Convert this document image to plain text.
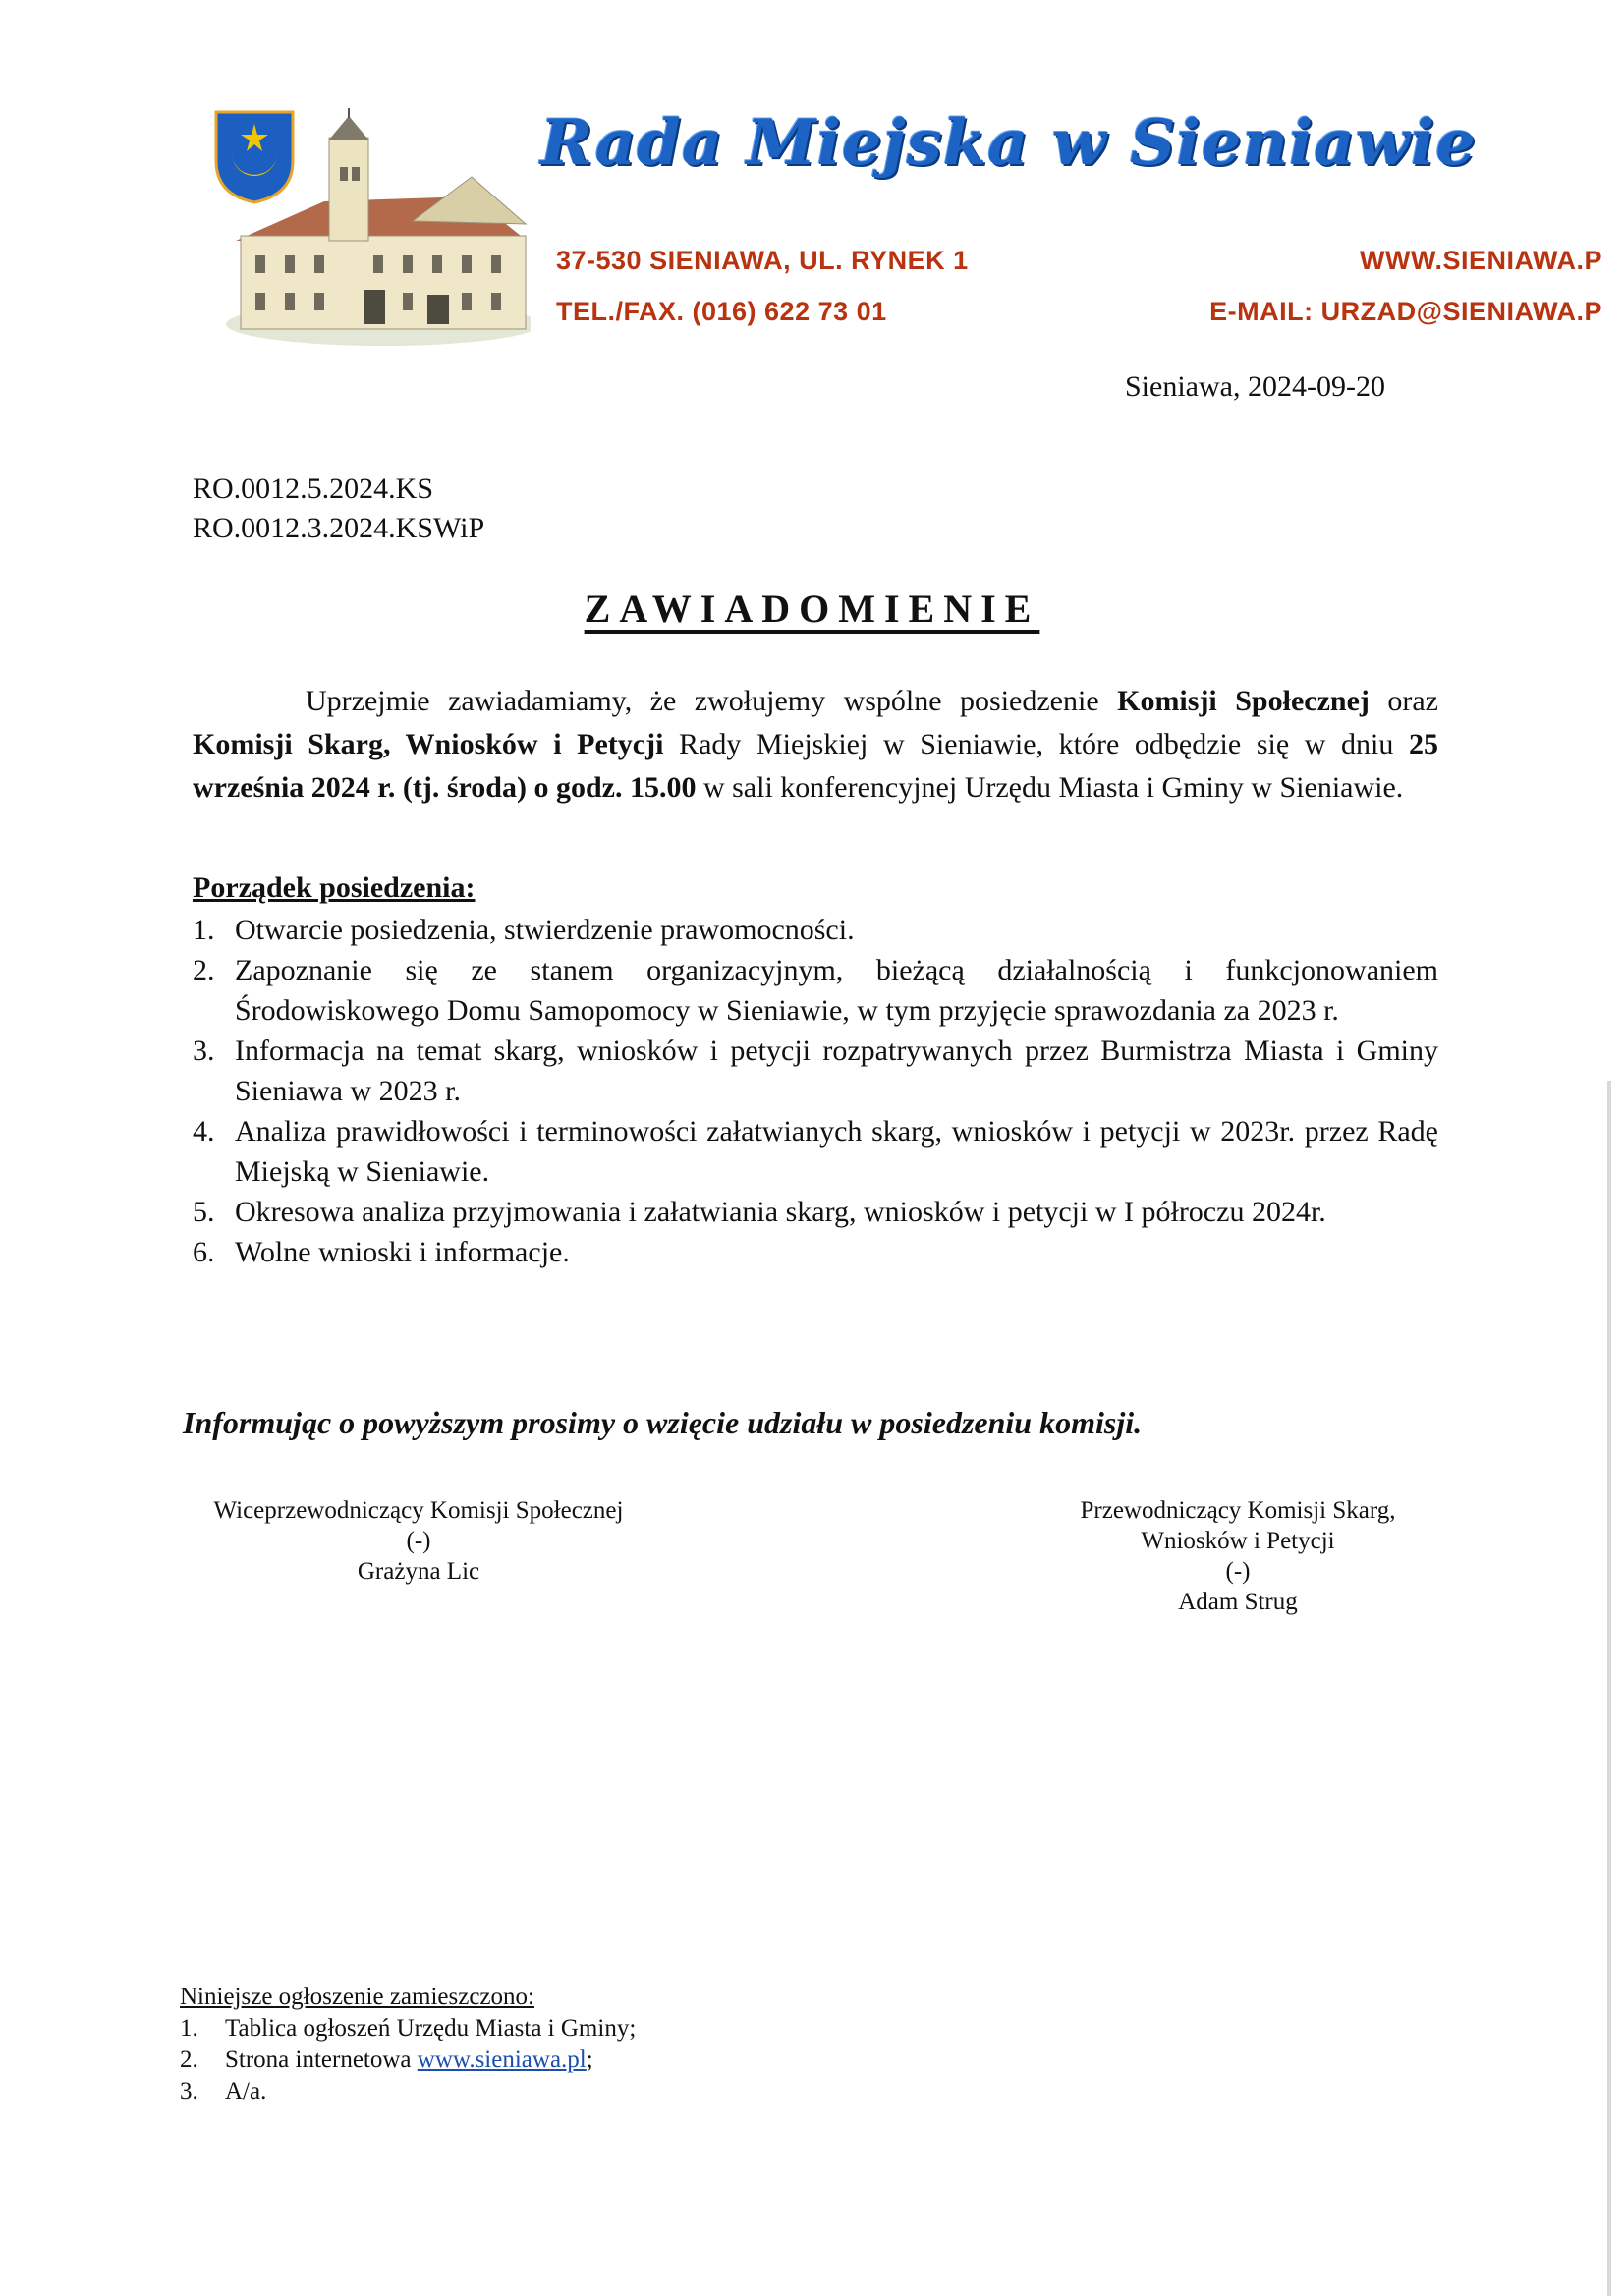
Rada Miejska w Sieniawie
37-530 SIENIAWA, UL. RYNEK 1
TEL./FAX. (016) 622 73 01
WWW.SIENIAWA.P
E-MAIL: URZAD@SIENIAWA.P
Sieniawa, 2024-09-20
RO.0012.5.2024.KS
RO.0012.3.2024.KSWiP
ZAWIADOMIENIE

Uprzejmie zawiadamiamy, że zwołujemy wspólne posiedzenie Komisji Społecznej oraz Komisji Skarg, Wniosków i Petycji Rady Miejskiej w Sieniawie, które odbędzie się w dniu 25 września 2024 r. (tj. środa) o godz. 15.00 w sali konferencyjnej Urzędu Miasta i Gminy w Sieniawie.

Porządek posiedzenia:
1. Otwarcie posiedzenia, stwierdzenie prawomocności.
2. Zapoznanie się ze stanem organizacyjnym, bieżącą działalnością i funkcjonowaniem Środowiskowego Domu Samopomocy w Sieniawie, w tym przyjęcie sprawozdania za 2023 r.
3. Informacja na temat skarg, wniosków i petycji rozpatrywanych przez Burmistrza Miasta i Gminy Sieniawa w 2023 r.
4. Analiza prawidłowości i terminowości załatwianych skarg, wniosków i petycji w 2023r. przez Radę Miejską w Sieniawie.
5. Okresowa analiza przyjmowania i załatwiania skarg, wniosków i petycji w I półroczu 2024r.
6. Wolne wnioski i informacje.
Informując o powyższym prosimy o wzięcie udziału w posiedzeniu komisji.
Wiceprzewodniczący Komisji Społecznej
(-)
Grażyna Lic
Przewodniczący Komisji Skarg,
Wniosków i Petycji
(-)
Adam Strug
Niniejsze ogłoszenie zamieszczono:
1. Tablica ogłoszeń Urzędu Miasta i Gminy;
2. Strona internetowa www.sieniawa.pl;
3. A/a.
